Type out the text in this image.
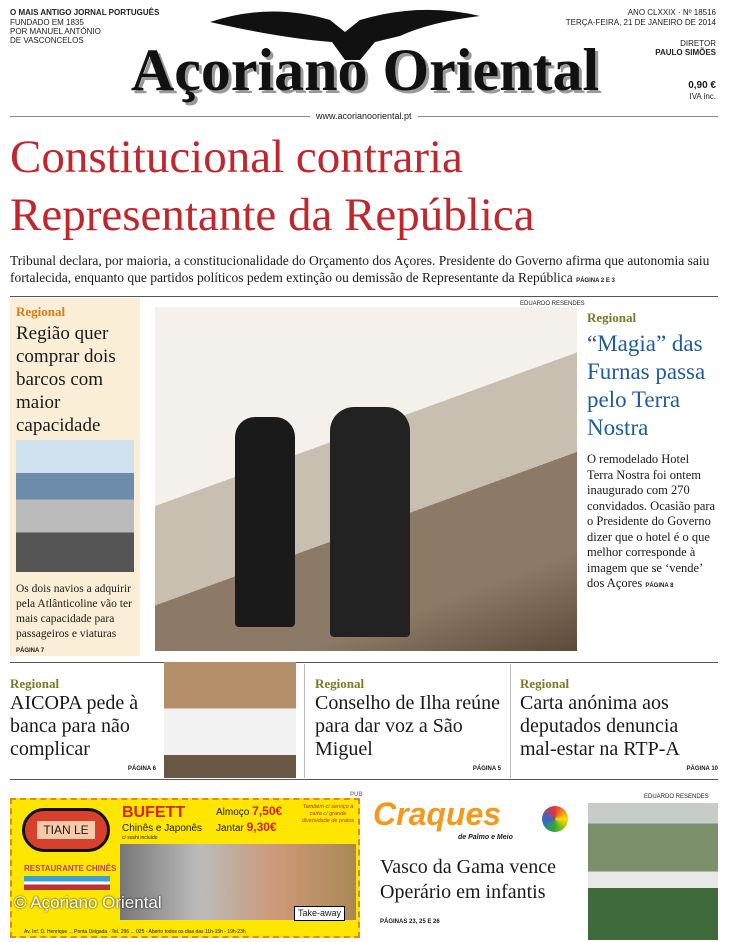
O MAIS ANTIGO JORNAL PORTUGUÊS
FUNDADO EM 1835
POR MANUEL ANTÓNIO
DE VASCONCELOS Açoriano Oriental
ANO CLXXIX · Nº 18516
TERÇA-FEIRA, 21 DE JANEIRO DE 2014
DIRETOR
PAULO SIMÕES
0,90 €
IVA inc.
www.acorianooriental.pt
Constitucional contraria
Representante da República
Tribunal declara, por maioria, a constitucionalidade do Orçamento dos Açores. Presidente do Governo afirma que autonomia saiu fortalecida, enquanto que partidos políticos pedem extinção ou demissão de Representante da República PÁGINA 2 E 3
Regional
Região quer comprar dois barcos com maior capacidade
Os dois navios a adquirir pela Atlânticoline vão ter mais capacidade para passageiros e viaturas PÁGINA 7
EDUARDO RESENDES
Regional
“Magia” das Furnas passa pelo Terra Nostra
O remodelado Hotel Terra Nostra foi ontem inaugurado com 270 convidados. Ocasião para o Presidente do Governo dizer que o hotel é o que melhor corresponde à imagem que se ‘vende’ dos Açores PÁGINA 8
Regional
AICOPA pede à banca para não complicar
PÁGINA 6
Regional
Conselho de Ilha reúne para dar voz a São Miguel
PÁGINA 5
Regional
Carta anónima aos deputados denuncia mal-estar na RTP-A
PÁGINA 10
PUB
TIAN LE
RESTAURANTE CHINÊS
BUFETT
Chinês e Japonês
c/ sushi incluído
Almoço 7,50€
Jantar 9,30€
Também c/ serviço à carta c/ grande diversidade de pratos
Take-away
Av. Inf. D. Henrique ... Ponta Delgada · Tel. 296 ... 025 - Aberto todos os dias das 11h-15h - 19h-23h
© Açoriano Oriental
Craques
de Palmo e Meio
Vasco da Gama vence Operário em infantis PÁGINAS 23, 25 E 26
EDUARDO RESENDES
